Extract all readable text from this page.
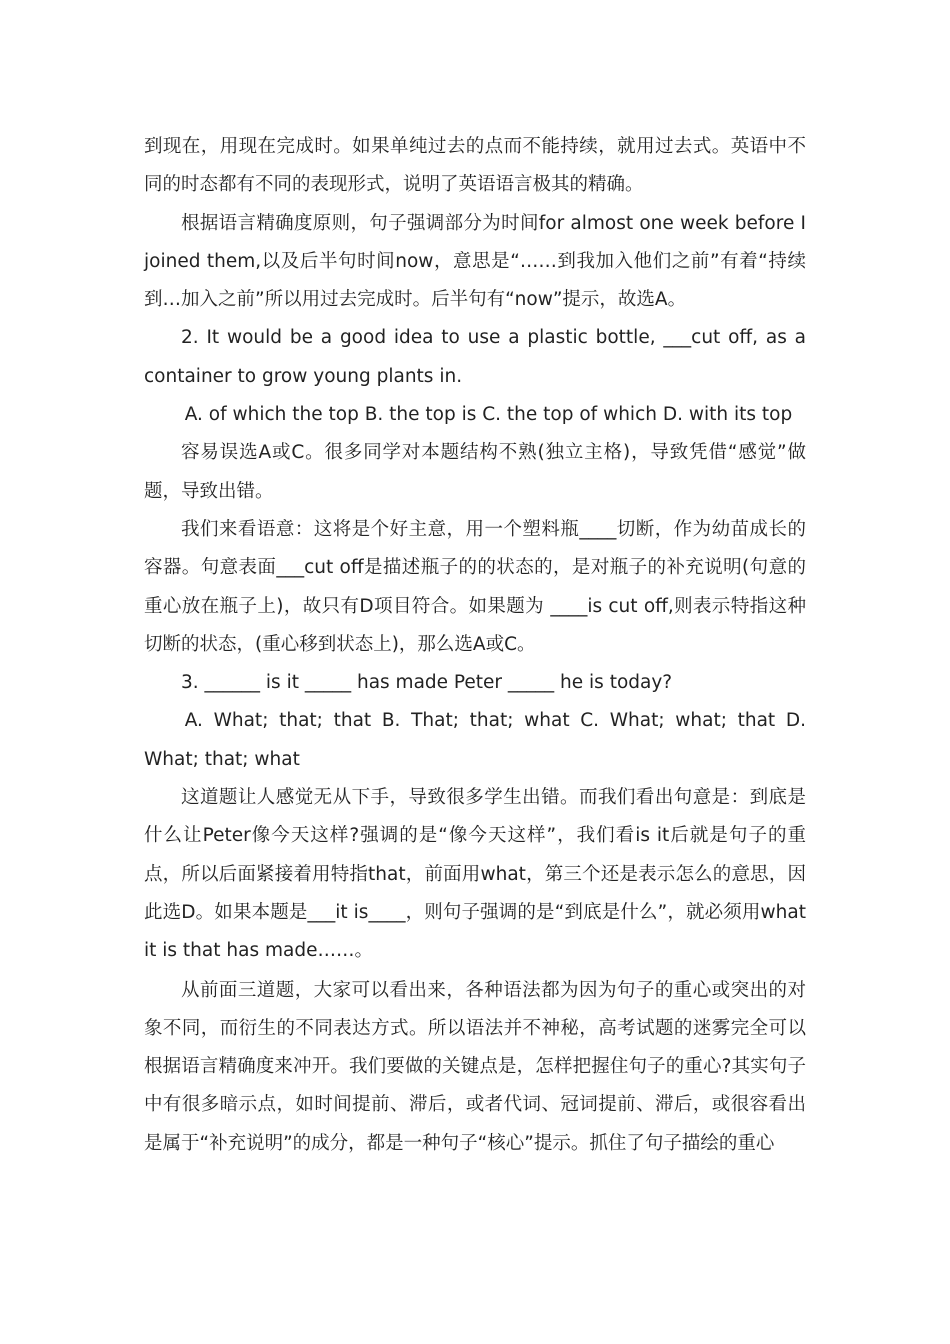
到现在，用现在完成时。如果单纯过去的点而不能持续，就用过去式。英语中不同的时态都有不同的表现形式，说明了英语语言极其的精确。

根据语言精确度原则，句子强调部分为时间for almost one week before I joined them,以及后半句时间now，意思是“……到我加入他们之前”有着“持续到…加入之前”所以用过去完成时。后半句有“now”提示，故选A。

2. It would be a good idea to use a plastic bottle, ___cut off, as a container to grow young plants in.

A. of which the top B. the top is C. the top of which D. with its top

容易误选A或C。很多同学对本题结构不熟(独立主格)，导致凭借“感觉”做题，导致出错。

我们来看语意：这将是个好主意，用一个塑料瓶____切断，作为幼苗成长的容器。句意表面___cut off是描述瓶子的的状态的，是对瓶子的补充说明(句意的重心放在瓶子上)，故只有D项目符合。如果题为 ____is cut off,则表示特指这种切断的状态，(重心移到状态上)，那么选A或C。

3. ______ is it _____ has made Peter _____ he is today?

A. What; that; that B. That; that; what C. What; what; that D. What; that; what

这道题让人感觉无从下手，导致很多学生出错。而我们看出句意是：到底是什么让Peter像今天这样?强调的是“像今天这样”，我们看is it后就是句子的重点，所以后面紧接着用特指that，前面用what，第三个还是表示怎么的意思，因此选D。如果本题是___it is____，则句子强调的是“到底是什么”，就必须用what it is that has made……。

从前面三道题，大家可以看出来，各种语法都为因为句子的重心或突出的对象不同，而衍生的不同表达方式。所以语法并不神秘，高考试题的迷雾完全可以根据语言精确度来冲开。我们要做的关键点是，怎样把握住句子的重心?其实句子中有很多暗示点，如时间提前、滞后，或者代词、冠词提前、滞后，或很容看出是属于“补充说明”的成分，都是一种句子“核心”提示。抓住了句子描绘的重心
